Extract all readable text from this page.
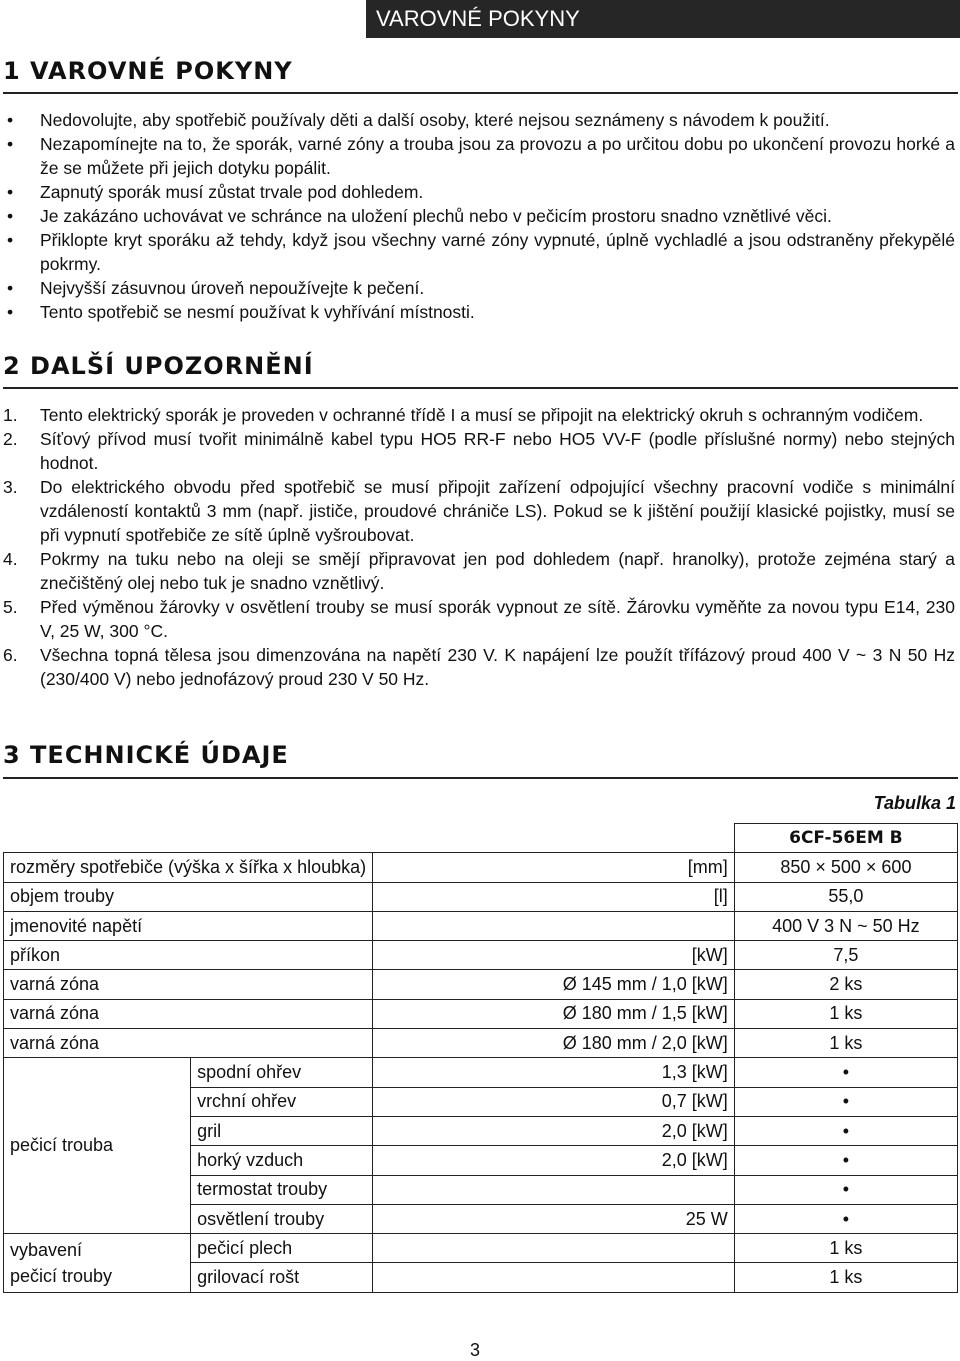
VAROVNÉ POKYNY
1 VAROVNÉ POKYNY
• Nedovolujte, aby spotřebič používaly děti a další osoby, které nejsou seznámeny s návodem k použití.
• Nezapomínejte na to, že sporák, varné zóny a trouba jsou za provozu a po určitou dobu po ukončení provozu horké a že se můžete při jejich dotyku popálit.
• Zapnutý sporák musí zůstat trvale pod dohledem.
• Je zakázáno uchovávat ve schránce na uložení plechů nebo v pečicím prostoru snadno vznětlivé věci.
• Přiklopte kryt sporáku až tehdy, když jsou všechny varné zóny vypnuté, úplně vychladlé a jsou odstraněny překypělé pokrmy.
• Nejvyšší zásuvnou úroveň nepoužívejte k pečení.
• Tento spotřebič se nesmí používat k vyhřívání místnosti.
2 DALŠÍ UPOZORNĚNÍ
1. Tento elektrický sporák je proveden v ochranné třídě I a musí se připojit na elektrický okruh s ochranným vodičem.
2. Síťový přívod musí tvořit minimálně kabel typu HO5 RR-F nebo HO5 VV-F (podle příslušné normy) nebo stejných hodnot.
3. Do elektrického obvodu před spotřebič se musí připojit zařízení odpojující všechny pracovní vodiče s minimální vzdáleností kontaktů 3 mm (např. jističe, proudové chrániče LS). Pokud se k jištění použijí klasické pojistky, musí se při vypnutí spotřebiče ze sítě úplně vyšroubovat.
4. Pokrmy na tuku nebo na oleji se smějí připravovat jen pod dohledem (např. hranolky), protože zejména starý a znečištěný olej nebo tuk je snadno vznětlivý.
5. Před výměnou žárovky v osvětlení trouby se musí sporák vypnout ze sítě. Žárovku vyměňte za novou typu E14, 230 V, 25 W, 300 °C.
6. Všechna topná tělesa jsou dimenzována na napětí 230 V. K napájení lze použít třífázový proud 400 V ~ 3 N 50 Hz (230/400 V) nebo jednofázový proud 230 V 50 Hz.
3 TECHNICKÉ ÚDAJE
Tabulka 1
			6CF-56EM B
rozměry spotřebiče (výška x šířka x hloubka)		[mm]	850 × 500 × 600
objem trouby		[l]	55,0
jmenovité napětí			400 V 3 N ~ 50 Hz
příkon		[kW]	7,5
varná zóna		Ø 145 mm / 1,0 [kW]	2 ks
varná zóna		Ø 180 mm / 1,5 [kW]	1 ks
varná zóna		Ø 180 mm / 2,0 [kW]	1 ks
pečicí trouba	spodní ohřev	1,3 [kW]	•
	vrchní ohřev	0,7 [kW]	•
	gril	2,0 [kW]	•
	horký vzduch	2,0 [kW]	•
	termostat trouby		•
	osvětlení trouby	25 W	•

vybavení
pečicí trouby	pečicí plech		1 ks
	grilovací rošt		1 ks
3
